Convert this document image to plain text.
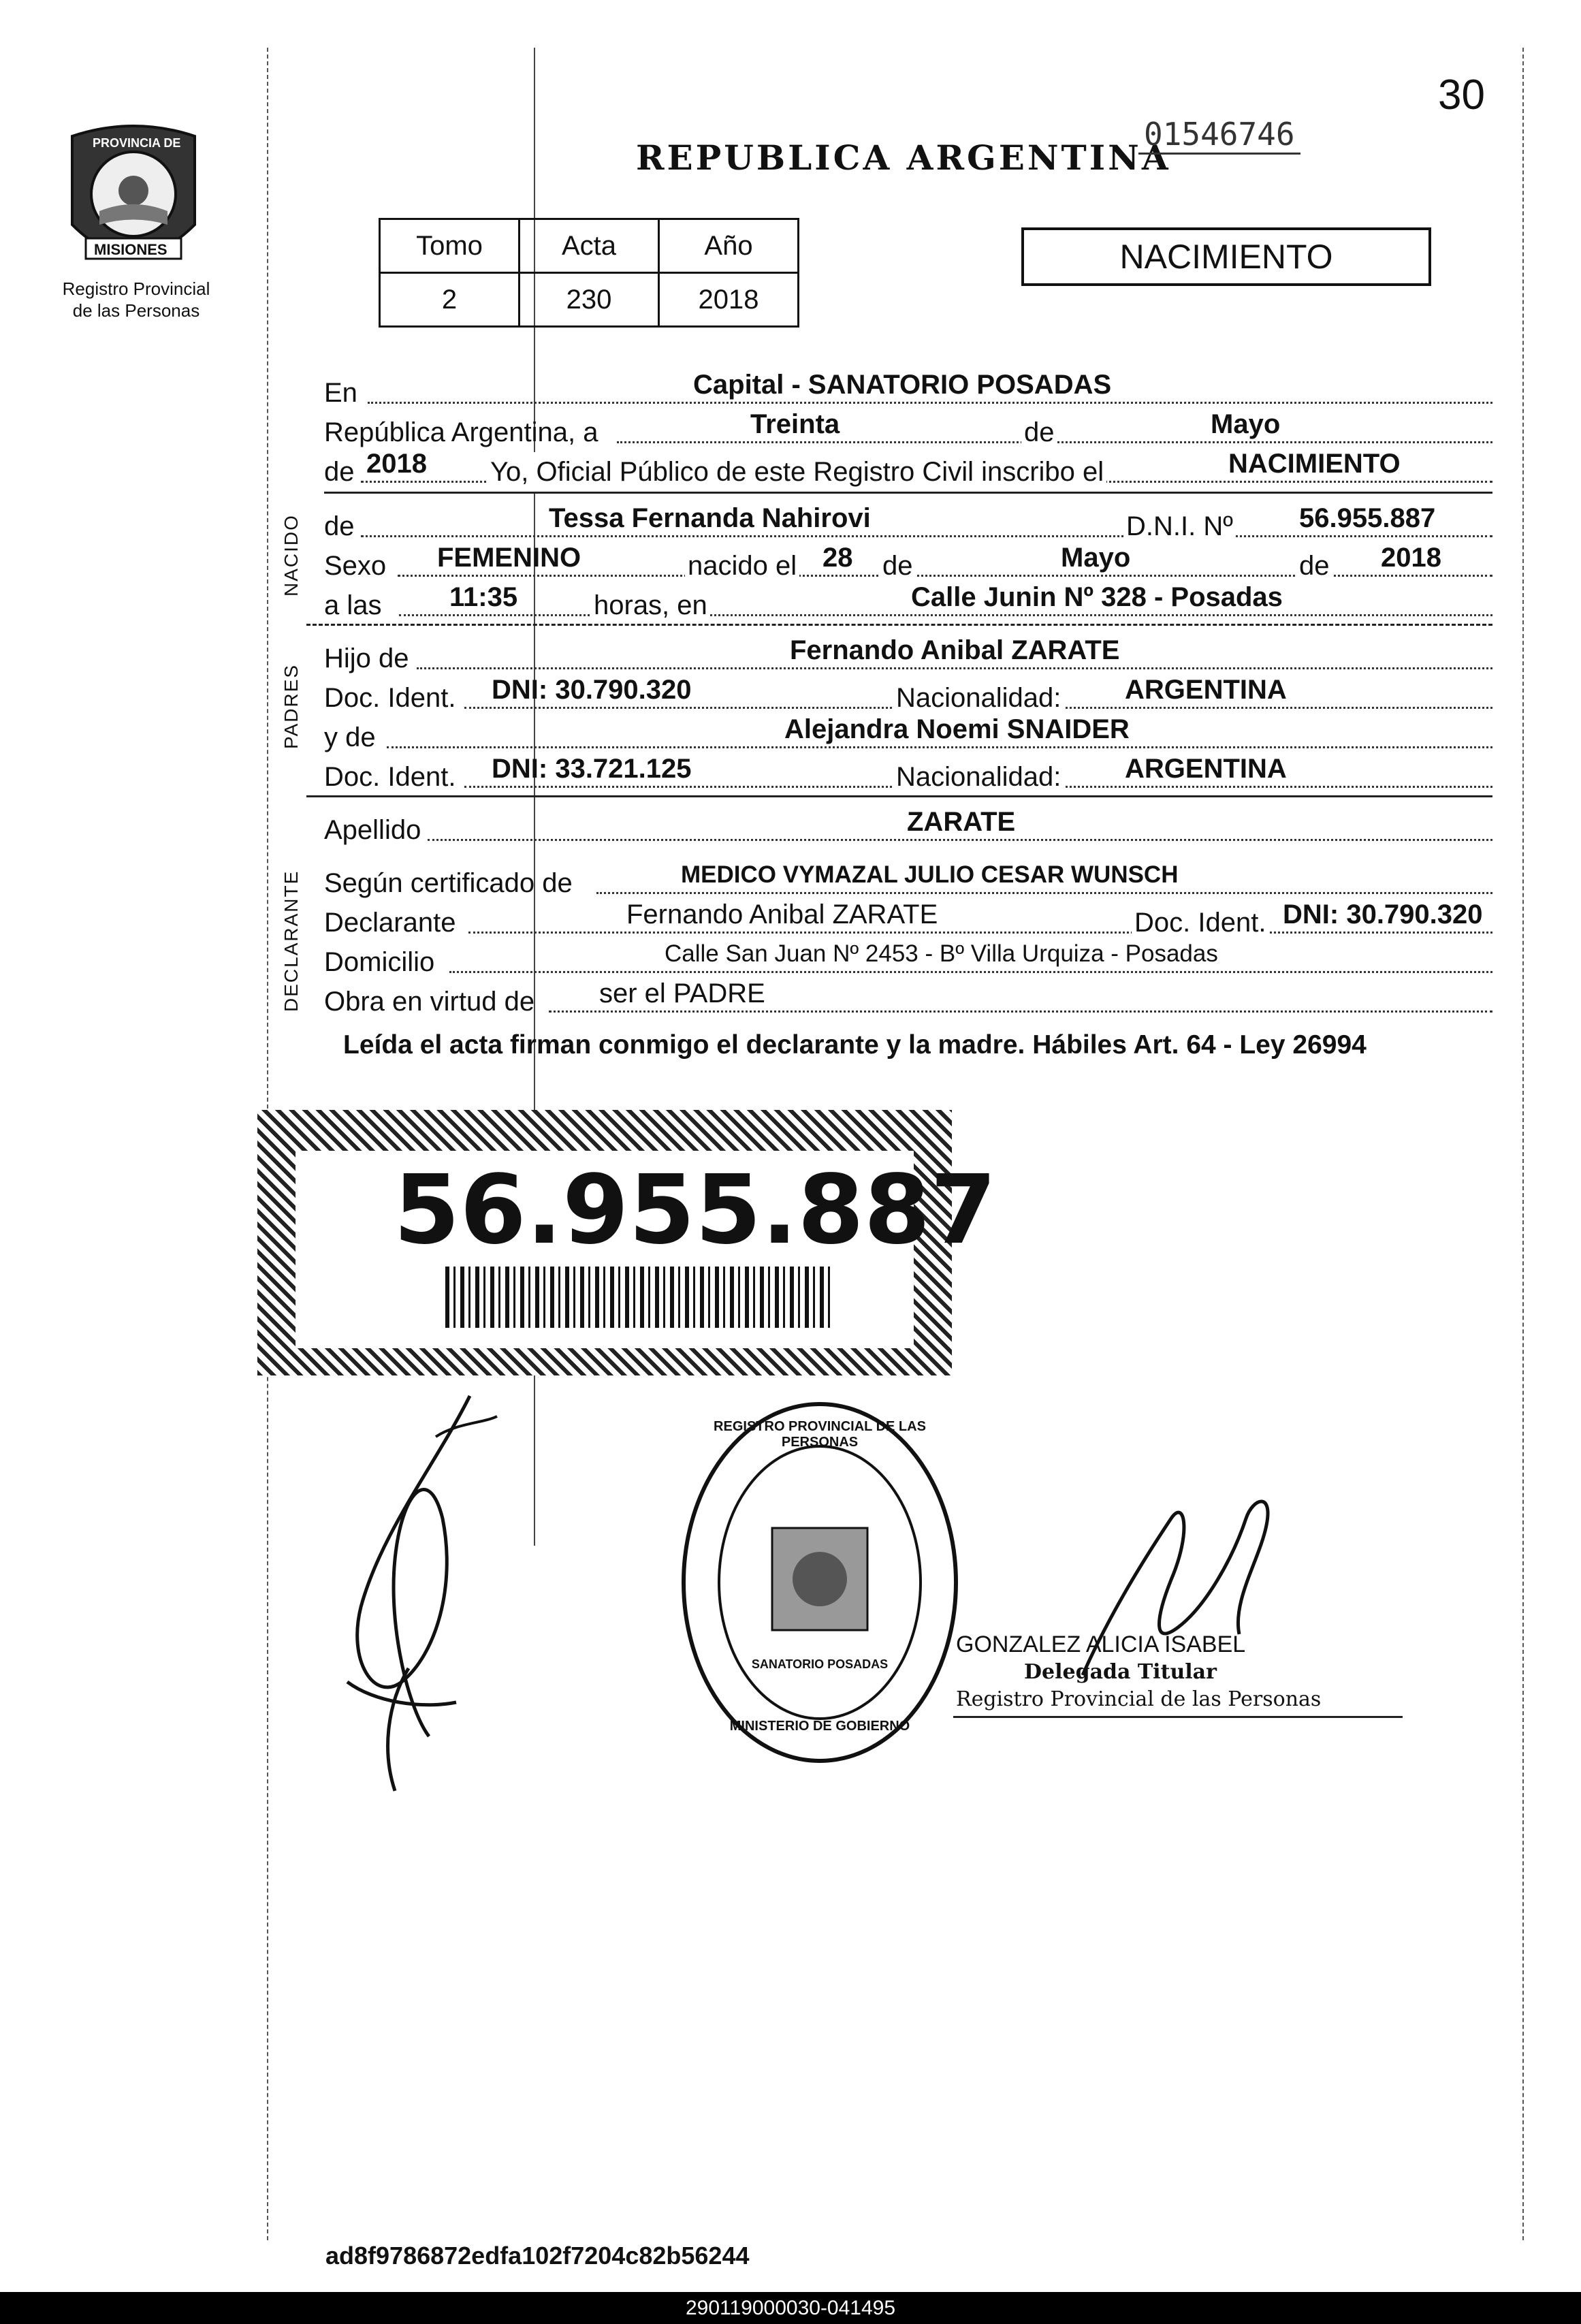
PROVINCIA DE
MISIONES
Registro Provincial
de las Personas
REPUBLICA ARGENTINA
01546746
30
Tomo	Acta	Año
2	230	2018
NACIMIENTO
En	Capital - SANATORIO POSADAS
República Argentina, a	Treinta	de	Mayo
de 2018 Yo, Oficial Público de este Registro Civil inscribo el	NACIMIENTO
NACIDO de	Tessa Fernanda Nahirovi	D.N.I. Nº 56.955.887
Sexo FEMENINO	nacido el 28 de	Mayo	de 2018
a las 11:35	horas, en	Calle Junin Nº 328 - Posadas
PADRES
Hijo de	Fernando Anibal ZARATE
Doc. Ident. DNI: 30.790.320	Nacionalidad: ARGENTINA
y de	Alejandra Noemi SNAIDER
Doc. Ident. DNI: 33.721.125	Nacionalidad: ARGENTINA
Apellido	ZARATE
DECLARANTE Según certificado de	MEDICO VYMAZAL JULIO CESAR WUNSCH
Declarante	Fernando Anibal ZARATE	Doc. Ident. DNI: 30.790.320
Domicilio	Calle San Juan Nº 2453 - Bº Villa Urquiza - Posadas
Obra en virtud de ser el PADRE
Leída el acta firman conmigo el declarante y la madre. Hábiles Art. 64 - Ley 26994
56.955.887
REGISTRO PROVINCIAL DE LAS PERSONAS
SANATORIO POSADAS
MINISTERIO DE GOBIERNO
GONZALEZ ALICIA ISABEL
Delegada Titular
Registro Provincial de las Personas
ad8f9786872edfa102f7204c82b56244
290119000030-041495
